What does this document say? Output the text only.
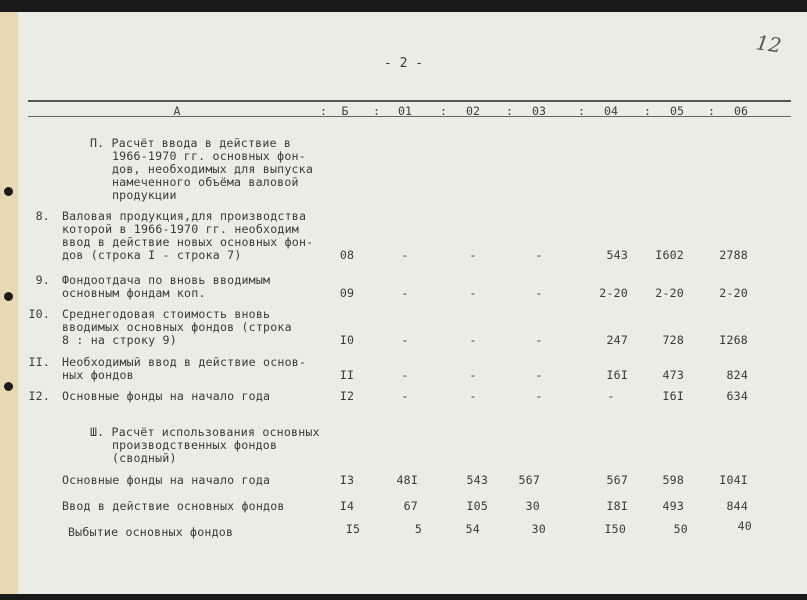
- 2 -
12
А	Б	01	02	03	04	05	06
:	:	:	:	:	:	:
П. Расчёт ввода в действие в
1966-1970 гг. основных фон-
дов, необходимых для выпуска
намеченного объёма валовой
продукции
8. Валовая продукция,для производства
которой в 1966-1970 гг. необходим
ввод в действие новых основных фон-
дов (строка I - строка 7)	08	-	-	-	543	I602	2788
9. Фондоотдача по вновь вводимым
основным фондам коп.	09	-	-	-	2-20	2-20	2-20
I0. Среднегодовая стоимость вновь
вводимых основных фондов (строка
8 : на строку 9)	I0	-	-	-	247	728	I268
II. Необходимый ввод в действие основ-
ных фондов	II	-	-	-	I6I	473	824
I2. Основные фонды на начало года	I2	-	-	-	-	I6I	634
Ш. Расчёт использования основных
производственных фондов
(сводный)
Основные фонды на начало года	I3	48I	543	567	567	598	I04I
Ввод в действие основных фондов	I4	67	I05	30	I8I	493	844
Выбытие основных фондов	I5	5	54	30	I50	50	40
